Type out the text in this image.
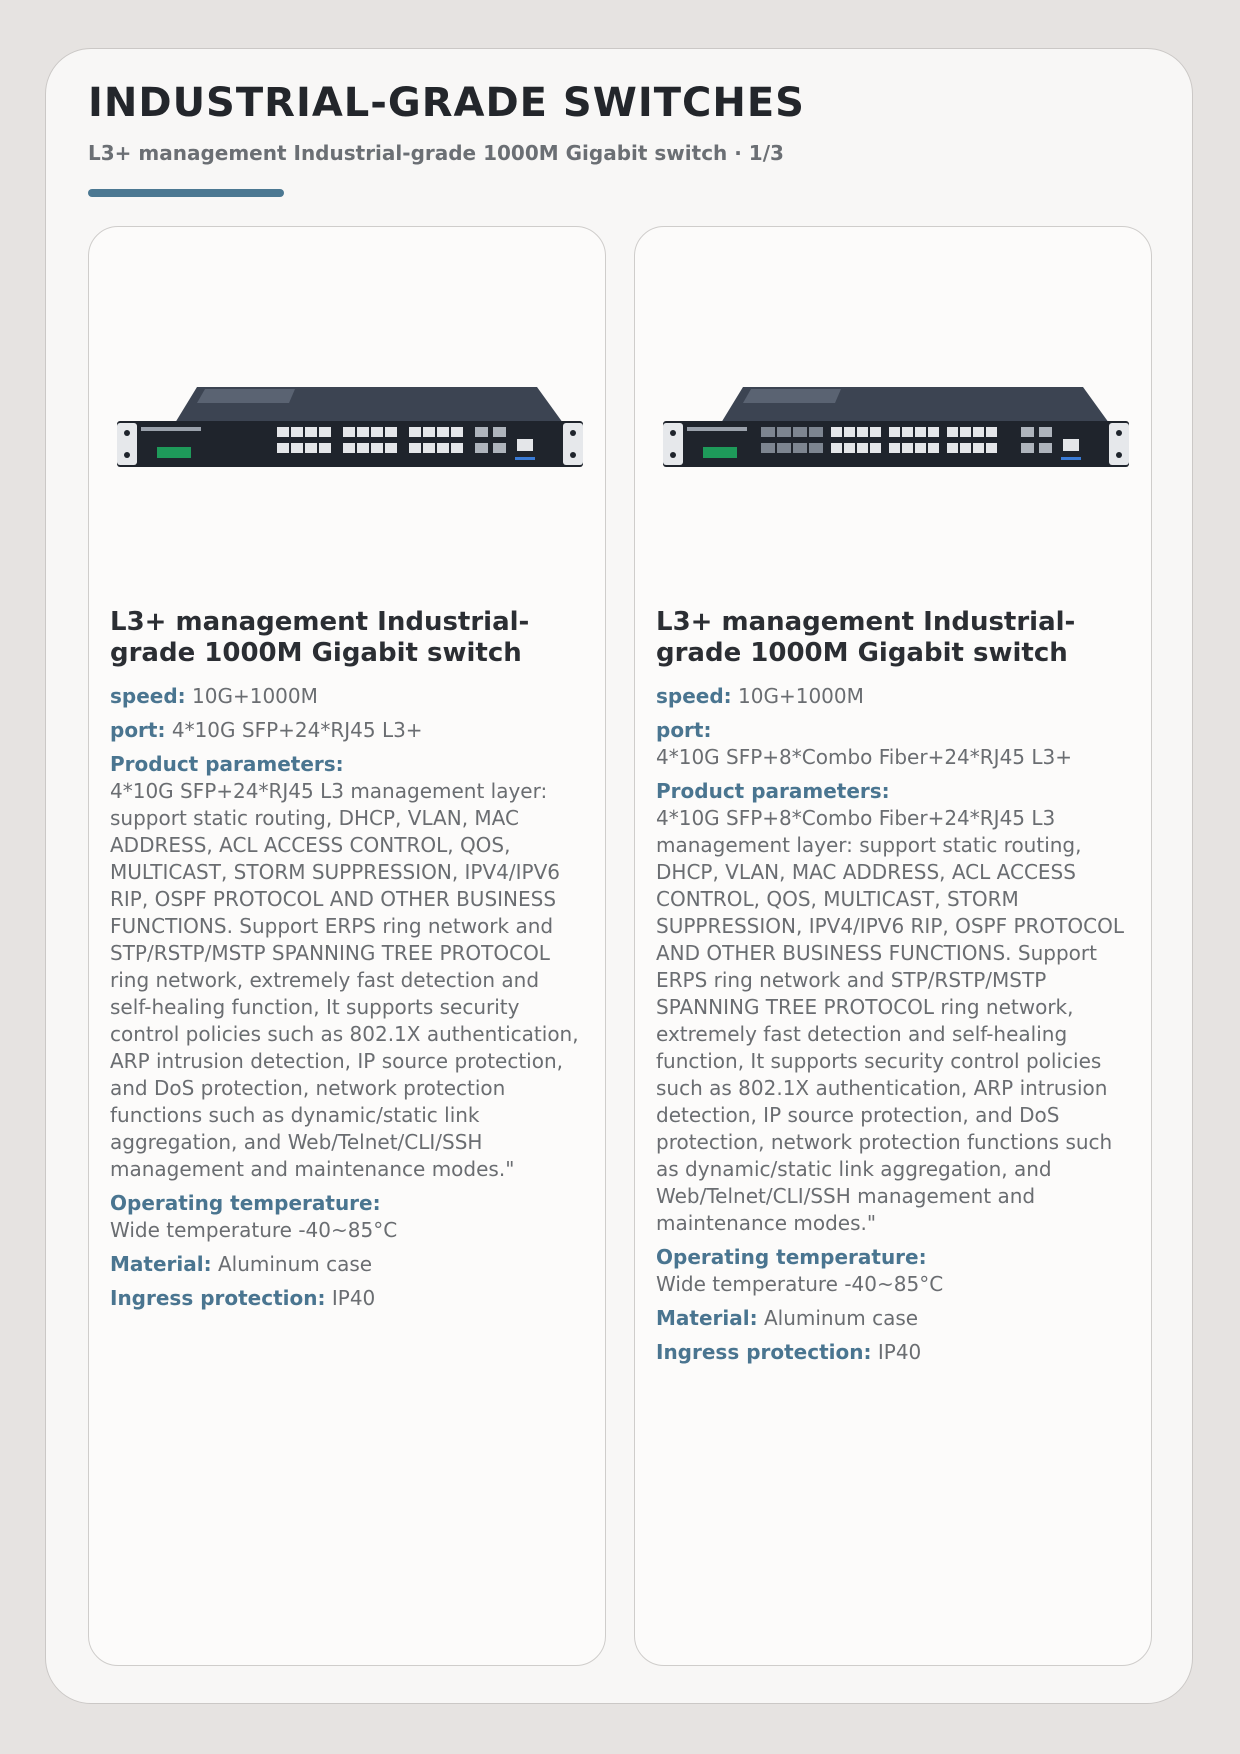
INDUSTRIAL-GRADE SWITCHES
L3+ management Industrial-grade 1000M Gigabit switch · 1/3
L3+ management Industrial-grade 1000M Gigabit switch

speed: 10G+1000M

port: 4*10G SFP+24*RJ45 L3+

Product parameters:
4*10G SFP+24*RJ45 L3 management layer: support static routing, DHCP, VLAN, MAC ADDRESS, ACL ACCESS CONTROL, QOS, MULTICAST, STORM SUPPRESSION, IPV4/IPV6 RIP, OSPF PROTOCOL AND OTHER BUSINESS FUNCTIONS. Support ERPS ring network and STP/RSTP/MSTP SPANNING TREE PROTOCOL ring network, extremely fast detection and self-healing function, It supports security control policies such as 802.1X authentication, ARP intrusion detection, IP source protection, and DoS protection, network protection functions such as dynamic/static link aggregation, and Web/Telnet/CLI/SSH management and maintenance modes."

Operating temperature:
Wide temperature -40~85°C

Material: Aluminum case

Ingress protection: IP40

L3+ management Industrial-grade 1000M Gigabit switch

speed: 10G+1000M

port:
4*10G SFP+8*Combo Fiber+24*RJ45 L3+

Product parameters:
4*10G SFP+8*Combo Fiber+24*RJ45 L3 management layer: support static routing, DHCP, VLAN, MAC ADDRESS, ACL ACCESS CONTROL, QOS, MULTICAST, STORM SUPPRESSION, IPV4/IPV6 RIP, OSPF PROTOCOL AND OTHER BUSINESS FUNCTIONS. Support ERPS ring network and STP/RSTP/MSTP SPANNING TREE PROTOCOL ring network, extremely fast detection and self-healing function, It supports security control policies such as 802.1X authentication, ARP intrusion detection, IP source protection, and DoS protection, network protection functions such as dynamic/static link aggregation, and Web/Telnet/CLI/SSH management and maintenance modes."

Operating temperature:
Wide temperature -40~85°C

Material: Aluminum case

Ingress protection: IP40
